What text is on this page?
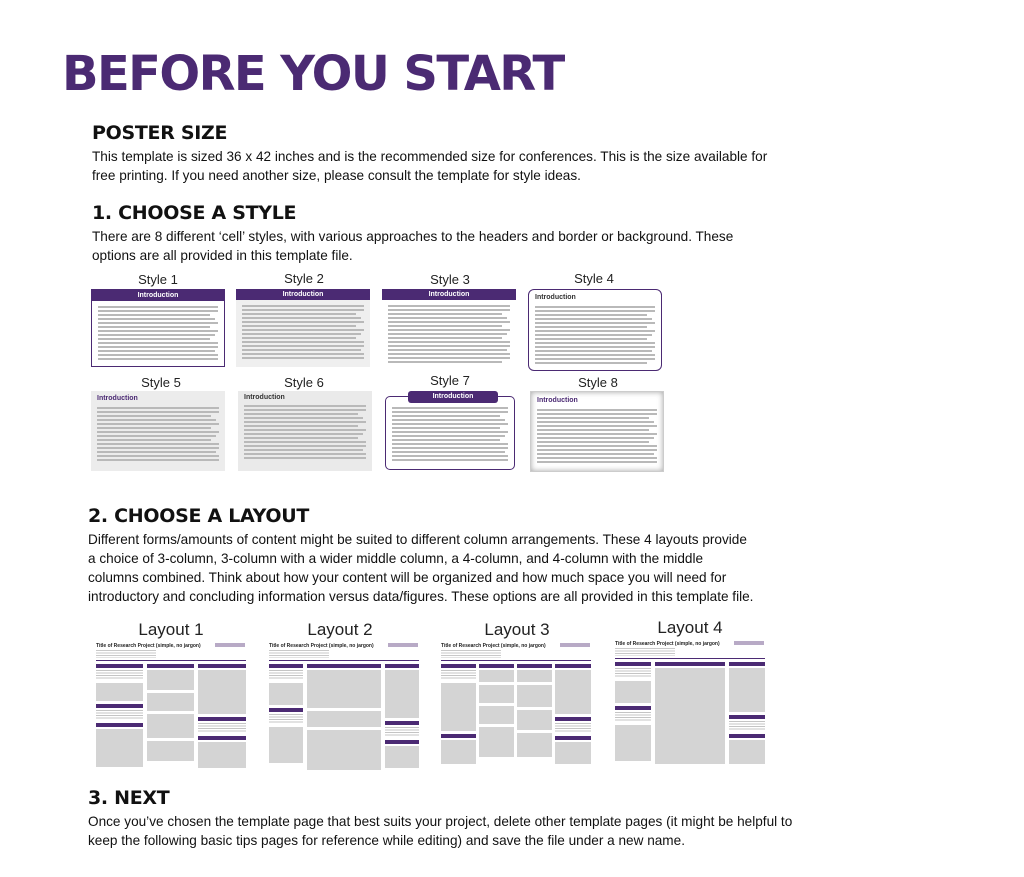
BEFORE YOU START
POSTER SIZE
This template is sized 36 x 42 inches and is the recommended size for conferences. This is the size available for
free printing. If you need another size, please consult the template for style ideas.
1. CHOOSE A STYLE
There are 8 different ‘cell’ styles, with various approaches to the headers and border or background. These
options are all provided in this template file.
Style 1	Style 2	Style 3	Style 4
Style 5	Style 6	Style 7	Style 8
Introduction	Introduction	Introduction	Introduction
Introduction	Introduction	Introduction
Introduction
2. CHOOSE A LAYOUT
Different forms/amounts of content might be suited to different column arrangements. These 4 layouts provide
a choice of 3-column, 3-column with a wider middle column, a 4-column, and 4-column with the middle
columns combined. Think about how your content will be organized and how much space you will need for
introductory and concluding information versus data/figures. These options are all provided in this template file.
Layout 1	Layout 2	Layout 3	Layout 4
Title of Research Project (simple, no jargon)	Title of Research Project (simple, no jargon)	Title of Research Project (simple, no jargon)	Title of Research Project (simple, no jargon)
3. NEXT
Once you’ve chosen the template page that best suits your project, delete other template pages (it might be helpful to
keep the following basic tips pages for reference while editing) and save the file under a new name.
